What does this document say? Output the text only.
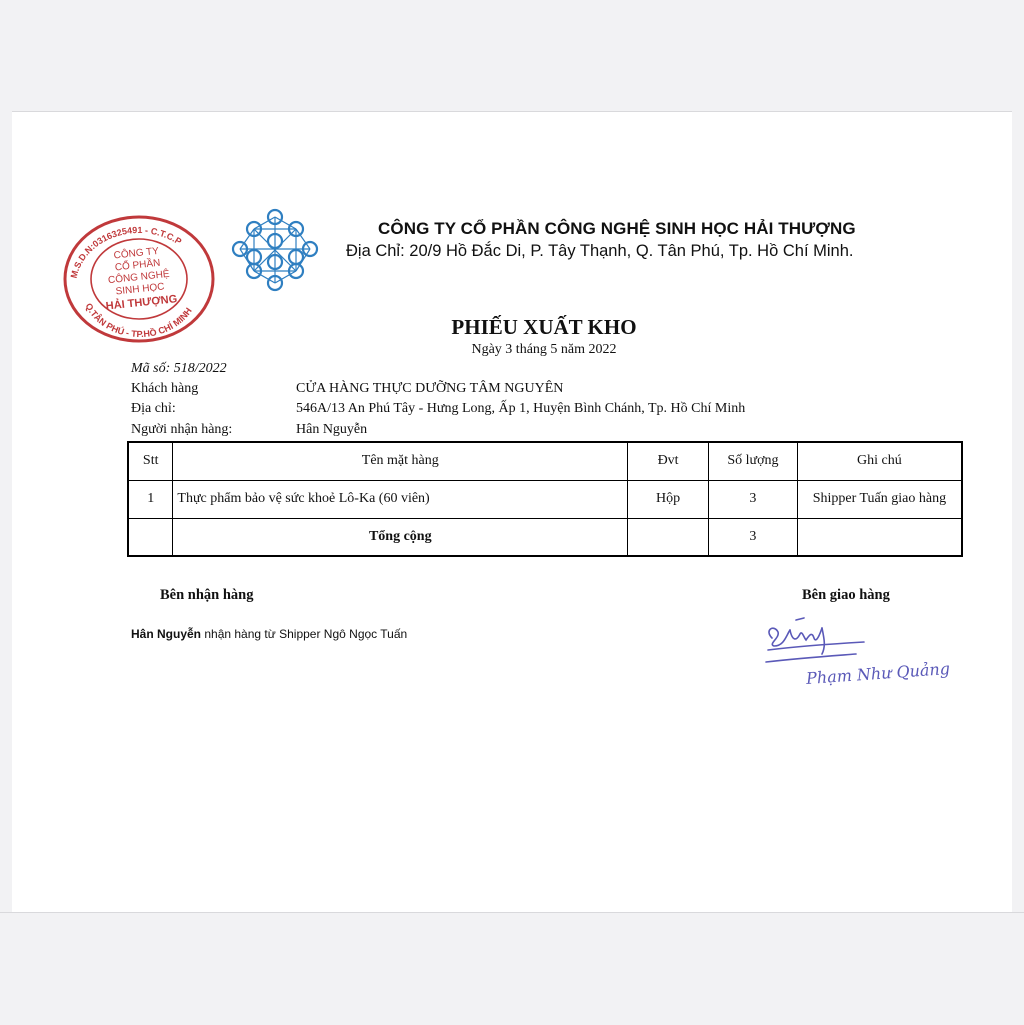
M.S.D.N:0316325491 - C.T.C.P
Q.TÂN PHÚ - TP.HỒ CHÍ MINH
CÔNG TY
CỔ PHẦN
CÔNG NGHỆ
SINH HỌC
HẢI THƯỢNG
CÔNG TY CỔ PHẦN CÔNG NGHỆ SINH HỌC HẢI THƯỢNG
Địa Chỉ: 20/9 Hồ Đắc Di, P. Tây Thạnh, Q. Tân Phú, Tp. Hồ Chí Minh.
PHIẾU XUẤT KHO
Ngày 3 tháng 5 năm 2022
Mã số: 518/2022
Khách hàng	CỬA HÀNG THỰC DƯỠNG TÂM NGUYÊN
Địa chỉ:	546A/13 An Phú Tây - Hưng Long, Ấp 1, Huyện Bình Chánh, Tp. Hồ Chí Minh
Người nhận hàng:	Hân Nguyễn
Stt	Tên mặt hàng	Đvt	Số lượng	Ghi chú
1	Thực phẩm bảo vệ sức khoẻ Lô-Ka (60 viên)	Hộp	3	Shipper Tuấn giao hàng
	Tổng cộng		3	
Bên nhận hàng	Bên giao hàng
Hân Nguyễn nhận hàng từ Shipper Ngô Ngọc Tuấn
Phạm Như Quảng
